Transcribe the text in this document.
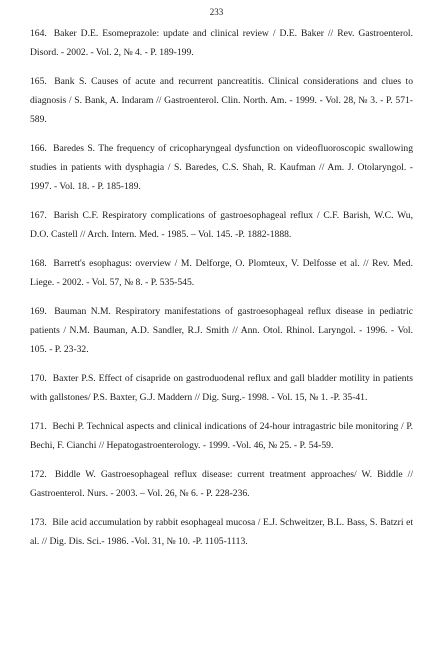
233

164. Baker D.E. Esomeprazole: update and clinical review / D.E. Baker // Rev. Gastroenterol. Disord. - 2002. - Vol. 2, № 4. - P. 189-199.

165. Bank S. Causes of acute and recurrent pancreatitis. Clinical considerations and clues to diagnosis / S. Bank, A. Indaram // Gastroenterol. Clin. North. Am. - 1999. - Vol. 28, № 3. - P. 571-589.

166. Baredes S. The frequency of cricopharyngeal dysfunction on videofluoroscopic swallowing studies in patients with dysphagia / S. Baredes, C.S. Shah, R. Kaufman // Am. J. Otolaryngol. - 1997. - Vol. 18. - P. 185-189.

167. Barish C.F. Respiratory complications of gastroesophageal reflux / C.F. Barish, W.C. Wu, D.O. Castell // Arch. Intern. Med. - 1985. – Vol. 145. -P. 1882-1888.

168. Barrett's esophagus: overview / M. Delforge, O. Plomteux, V. Delfosse et al. // Rev. Med. Liege. - 2002. - Vol. 57, № 8. - P. 535-545.

169. Bauman N.M. Respiratory manifestations of gastroesophageal reflux disease in pediatric patients / N.M. Bauman, A.D. Sandler, R.J. Smith // Ann. Otol. Rhinol. Laryngol. - 1996. - Vol. 105. - P. 23-32.

170. Baxter P.S. Effect of cisapride on gastroduodenal reflux and gall bladder motility in patients with gallstones/ P.S. Baxter, G.J. Maddern // Dig. Surg.- 1998. - Vol. 15, № 1. -P. 35-41.

171. Bechi P. Technical aspects and clinical indications of 24-hour intragastric bile monitoring / P. Bechi, F. Cianchi // Hepatogastroenterology. - 1999. -Vol. 46, № 25. - P. 54-59.

172. Biddle W. Gastroesophageal reflux disease: current treatment approaches/ W. Biddle // Gastroenterol. Nurs. - 2003. – Vol. 26, № 6. - P. 228-236.

173. Bile acid accumulation by rabbit esophageal mucosa / E.J. Schweitzer, B.L. Bass, S. Batzri et al. // Dig. Dis. Sci.- 1986. -Vol. 31, № 10. -P. 1105-1113.
